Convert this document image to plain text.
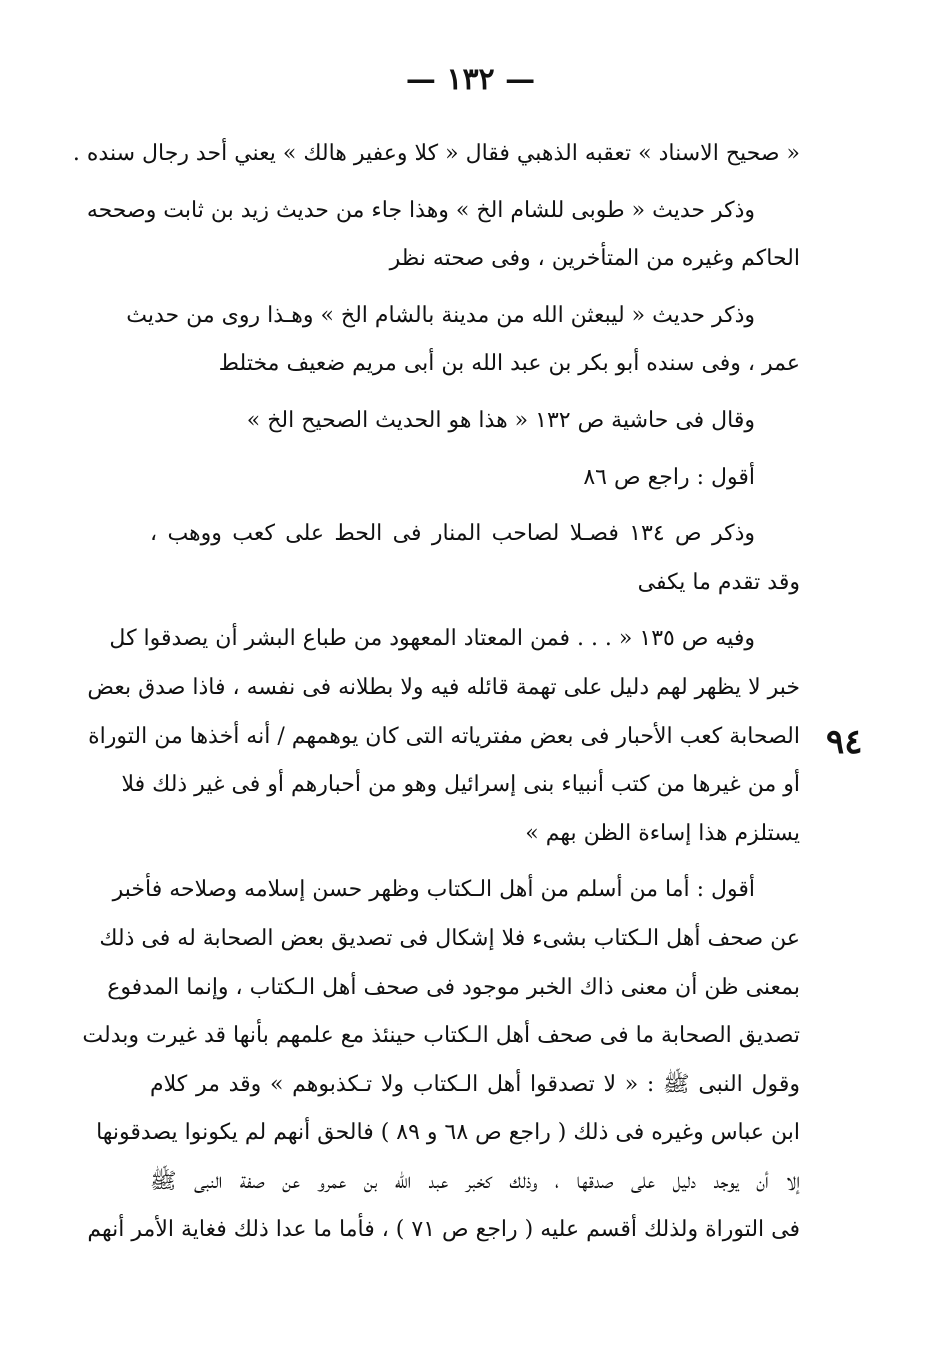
— ١٣٢ —
٩٤
« صحيح الاسناد » تعقبه الذهبي فقال « كلا وعفير هالك » يعني أحد رجال سنده .
وذكر حديث « طوبى للشام الخ » وهذا جاء من حديث زيد بن ثابت وصححه
الحاكم وغيره من المتأخرين ، وفى صحته نظر
وذكر حديث « ليبعثن الله من مدينة بالشام الخ » وهـذا روى من حديث
عمر ، وفى سنده أبو بكر بن عبد الله بن أبى مريم ضعيف مختلط
وقال فى حاشية ص ١٣٢ « هذا هو الحديث الصحيح الخ »
أقول : راجع ص ٨٦
وذكر ص ١٣٤ فصـلا لصاحب المنار فى الحط على كعب ووهب ،
وقد تقدم ما يكفى
وفيه ص ١٣٥ « . . . فمن المعتاد المعهود من طباع البشر أن يصدقوا كل
خبر لا يظهر لهم دليل على تهمة قائله فيه ولا بطلانه فى نفسه ، فاذا صدق بعض
الصحابة كعب الأحبار فى بعض مفترياته التى كان يوهمهم / أنه أخذها من التوراة
أو من غيرها من كتب أنبياء بنى إسرائيل وهو من أحبارهم أو فى غير ذلك فلا
يستلزم هذا إساءة الظن بهم »
أقول : أما من أسلم من أهل الـكتاب وظهر حسن إسلامه وصلاحه فأخبر
عن صحف أهل الـكتاب بشىء فلا إشكال فى تصديق بعض الصحابة له فى ذلك
بمعنى ظن أن معنى ذاك الخبر موجود فى صحف أهل الـكتاب ، وإنما المدفوع
تصديق الصحابة ما فى صحف أهل الـكتاب حينئذ مع علمهم بأنها قد غيرت وبدلت
وقول النبى ﷺ : « لا تصدقوا أهل الـكتاب ولا تـكذبوهم » وقد مر كلام
ابن عباس وغيره فى ذلك ( راجع ص ٦٨ و ٨٩ ) فالحق أنهم لم يكونوا يصدقونها
إلا أن يوجد دليل على صدقها ، وذلك كخبر عبد الله بن عمرو عن صفة النبى ﷺ
فى التوراة ولذلك أقسم عليه ( راجع ص ٧١ ) ، فأما ما عدا ذلك فغاية الأمر أنهم
